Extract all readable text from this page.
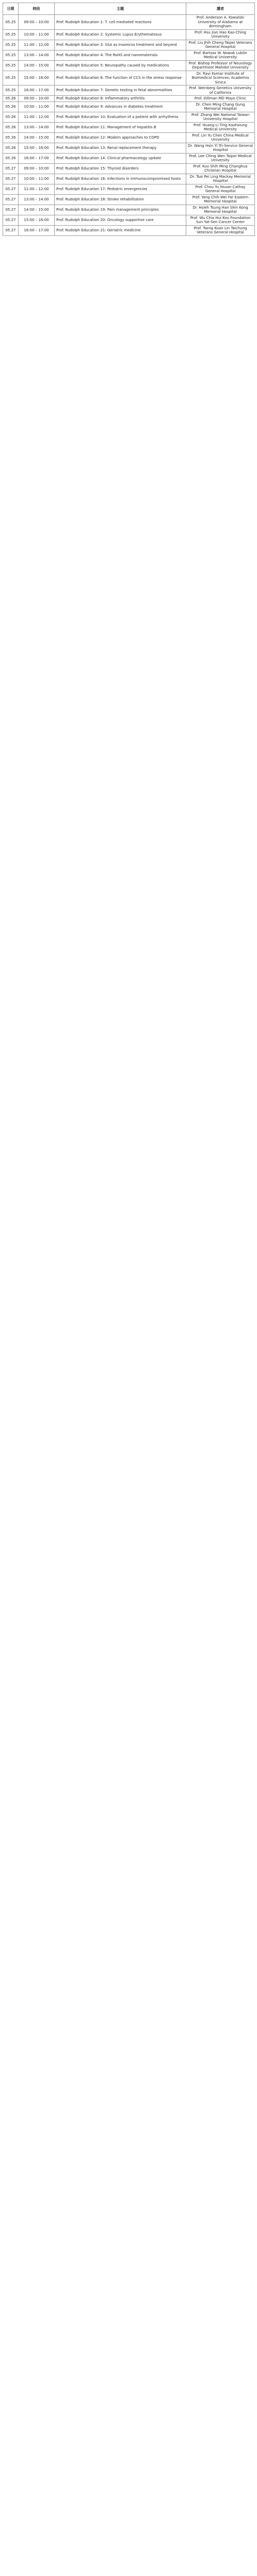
日期	時段	主題	講者
05.25	09:00 – 10:00	Prof. Rudolph Education 1: T. cell mediated reactions	Prof. Anderson A. Kowalski University of Alabama at Birmingham
05.25	10:00 – 11:00	Prof. Rudolph Education 2: Systemic Lupus Erythematosus	Prof. Hsu Jian Hao Kao-Ching University
05.25	11:00 – 12:00	Prof. Rudolph Education 3: SSA as Insomnia treatment and beyond	Prof. Liu Jhih Cheng Taipei Veterans General Hospital
05.25	13:00 – 14:00	Prof. Rudolph Education 4: The RoHS and nanomaterials	Prof. Bartosz W. Nowak Lublin Medical University
05.25	14:00 – 15:00	Prof. Rudolph Education 5: Neuropathy caused by medications	Prof. Bishop Professor of Neurology Department Mahidol University
05.25	15:00 – 16:00	Prof. Rudolph Education 6: The function of CCS in the stress response	Dr. Ravi Kumar Institute of Biomedical Sciences, Academia Sinica
05.25	16:00 – 17:00	Prof. Rudolph Education 7: Genetic testing in fetal abnormalities	Prof. Weinberg Genetics University of California
05.26	09:00 – 10:00	Prof. Rudolph Education 8: Inflammatory arthritis	Prof. Dillman MD Mayo Clinic
05.26	10:00 – 11:00	Prof. Rudolph Education 9: Advances in diabetes treatment	Dr. Chen Ming Chang Gung Memorial Hospital
05.26	11:00 – 12:00	Prof. Rudolph Education 10: Evaluation of a patient with arrhythmia	Prof. Zhang Wei National Taiwan University Hospital
05.26	13:00 – 14:00	Prof. Rudolph Education 11: Management of hepatitis B	Prof. Huang Li Ting Kaohsiung Medical University
05.26	14:00 – 15:00	Prof. Rudolph Education 12: Modern approaches to COPD	Prof. Lin Yu Chen China Medical University
05.26	15:00 – 16:00	Prof. Rudolph Education 13: Renal replacement therapy	Dr. Wang Hsin Yi Tri-Service General Hospital
05.26	16:00 – 17:00	Prof. Rudolph Education 14: Clinical pharmacology update	Prof. Lee Ching Wen Taipei Medical University
05.27	09:00 – 10:00	Prof. Rudolph Education 15: Thyroid disorders	Prof. Kuo Shih Ming Changhua Christian Hospital
05.27	10:00 – 11:00	Prof. Rudolph Education 16: Infections in immunocompromised hosts	Dr. Tsai Pei Ling Mackay Memorial Hospital
05.27	11:00 – 12:00	Prof. Rudolph Education 17: Pediatric emergencies	Prof. Chou Yu Hsuan Cathay General Hospital
05.27	13:00 – 14:00	Prof. Rudolph Education 18: Stroke rehabilitation	Prof. Yang Chih Wei Far Eastern Memorial Hospital
05.27	14:00 – 15:00	Prof. Rudolph Education 19: Pain management principles	Dr. Hsieh Tsung Han Shin Kong Memorial Hospital
05.27	15:00 – 16:00	Prof. Rudolph Education 20: Oncology supportive care	Prof. Wu Chia Hui Koo Foundation Sun Yat-Sen Cancer Center
05.27	16:00 – 17:00	Prof. Rudolph Education 21: Geriatric medicine	Prof. Tseng Kuan Lin Taichung Veterans General Hospital
